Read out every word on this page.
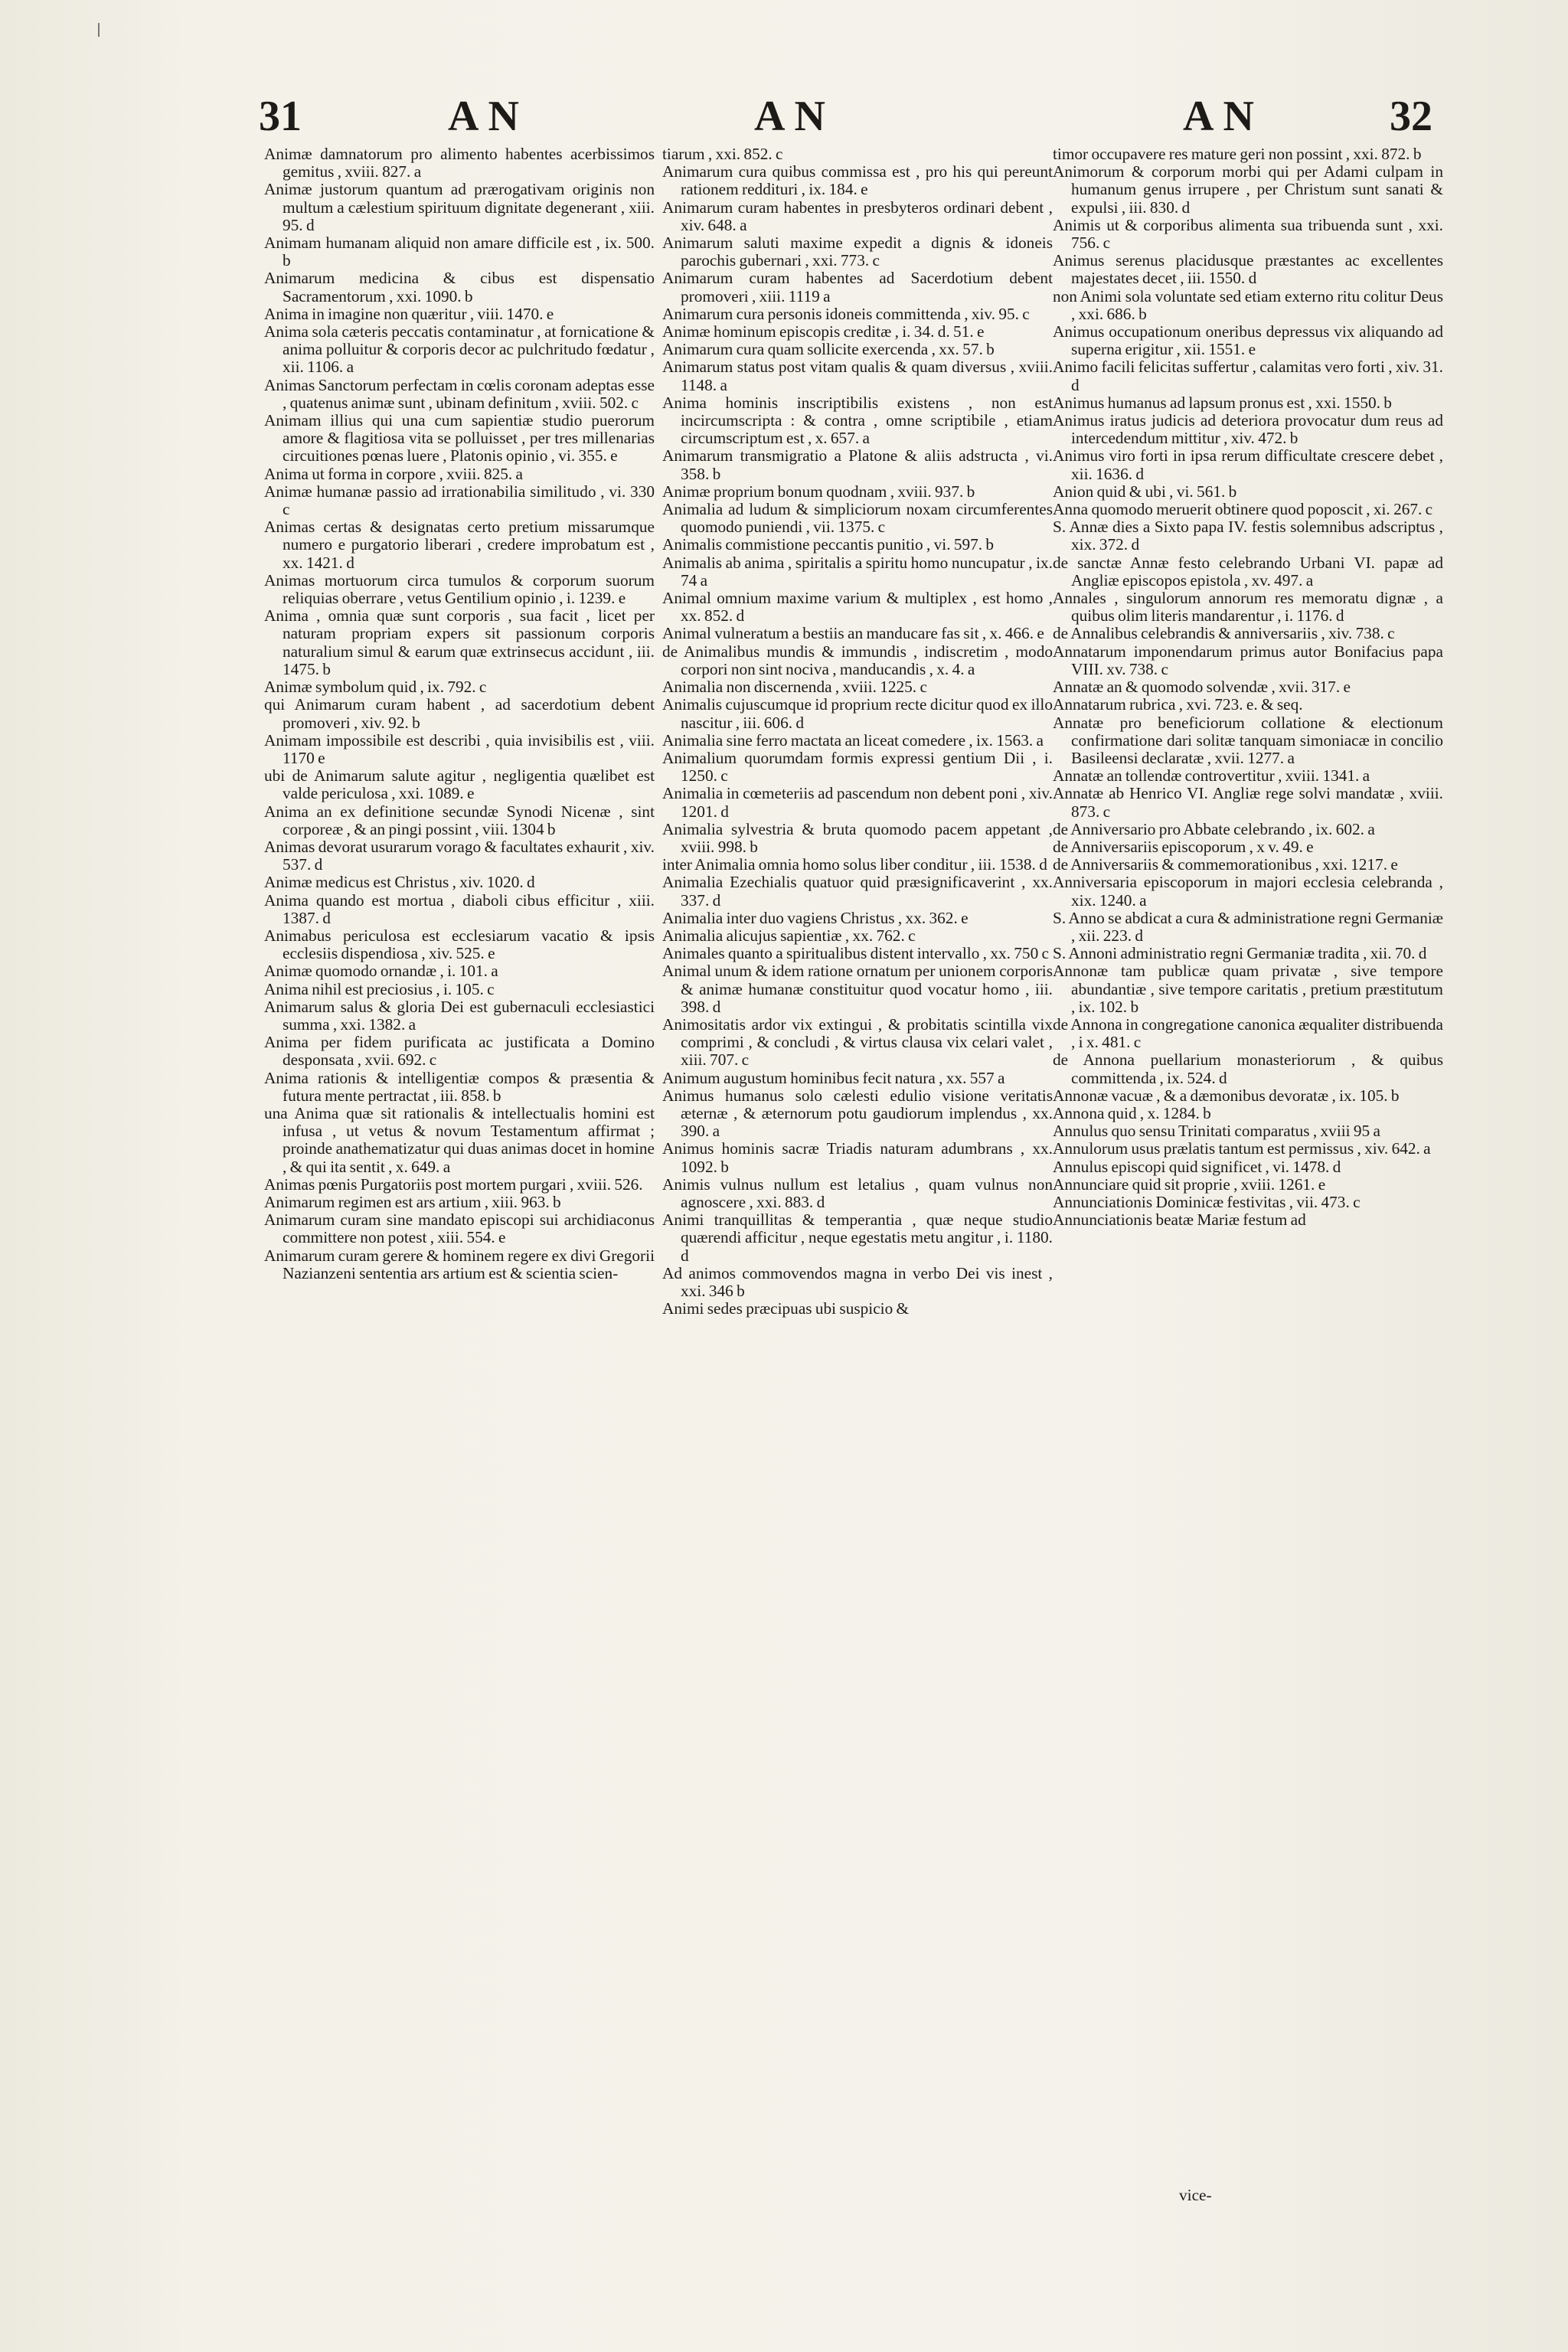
31	AN	AN	AN	32

Animæ damnatorum pro alimento habentes acerbissimos gemitus , xviii. 827. a

Animæ justorum quantum ad prærogativam originis non multum a cælestium spirituum dignitate degenerant , xiii. 95. d

Animam humanam aliquid non amare difficile est , ix. 500. b

Animarum medicina & cibus est dispensatio Sacramentorum , xxi. 1090. b

Anima in imagine non quæritur , viii. 1470. e

Anima sola cæteris peccatis contaminatur , at fornicatione & anima polluitur & corporis decor ac pulchritudo fœdatur , xii. 1106. a

Animas Sanctorum perfectam in cœlis coronam adeptas esse , quatenus animæ sunt , ubinam definitum , xviii. 502. c

Animam illius qui una cum sapientiæ studio puerorum amore & flagitiosa vita se polluisset , per tres millenarias circuitiones pœnas luere , Platonis opinio , vi. 355. e

Anima ut forma in corpore , xviii. 825. a

Animæ humanæ passio ad irrationabilia similitudo , vi. 330 c

Animas certas & designatas certo pretium missarumque numero e purgatorio liberari , credere improbatum est , xx. 1421. d

Animas mortuorum circa tumulos & corporum suorum reliquias oberrare , vetus Gentilium opinio , i. 1239. e

Anima , omnia quæ sunt corporis , sua facit , licet per naturam propriam expers sit passionum corporis naturalium simul & earum quæ extrinsecus accidunt , iii. 1475. b

Animæ symbolum quid , ix. 792. c

qui Animarum curam habent , ad sacerdotium debent promoveri , xiv. 92. b

Animam impossibile est describi , quia invisibilis est , viii. 1170 e

ubi de Animarum salute agitur , negligentia quælibet est valde periculosa , xxi. 1089. e

Anima an ex definitione secundæ Synodi Nicenæ , sint corporeæ , & an pingi possint , viii. 1304 b

Animas devorat usurarum vorago & facultates exhaurit , xiv. 537. d

Animæ medicus est Christus , xiv. 1020. d

Anima quando est mortua , diaboli cibus efficitur , xiii. 1387. d

Animabus periculosa est ecclesiarum vacatio & ipsis ecclesiis dispendiosa , xiv. 525. e

Animæ quomodo ornandæ , i. 101. a

Anima nihil est preciosius , i. 105. c

Animarum salus & gloria Dei est gubernaculi ecclesiastici summa , xxi. 1382. a

Anima per fidem purificata ac justificata a Domino desponsata , xvii. 692. c

Anima rationis & intelligentiæ compos & præsentia & futura mente pertractat , iii. 858. b

una Anima quæ sit rationalis & intellectualis homini est infusa , ut vetus & novum Testamentum affirmat ; proinde anathematizatur qui duas animas docet in homine , & qui ita sentit , x. 649. a

Animas pœnis Purgatoriis post mortem purgari , xviii. 526.

Animarum regimen est ars artium , xiii. 963. b

Animarum curam sine mandato episcopi sui archidiaconus committere non potest , xiii. 554. e

Animarum curam gerere & hominem regere ex divi Gregorii Nazianzeni sententia ars artium est & scientia scien-

tiarum , xxi. 852. c

Animarum cura quibus commissa est , pro his qui pereunt rationem reddituri , ix. 184. e

Animarum curam habentes in presbyteros ordinari debent , xiv. 648. a

Animarum saluti maxime expedit a dignis & idoneis parochis gubernari , xxi. 773. c

Animarum curam habentes ad Sacerdotium debent promoveri , xiii. 1119 a

Animarum cura personis idoneis committenda , xiv. 95. c

Animæ hominum episcopis creditæ , i. 34. d. 51. e

Animarum cura quam sollicite exercenda , xx. 57. b

Animarum status post vitam qualis & quam diversus , xviii. 1148. a

Anima hominis inscriptibilis existens , non est incircumscripta : & contra , omne scriptibile , etiam circumscriptum est , x. 657. a

Animarum transmigratio a Platone & aliis adstructa , vi. 358. b

Animæ proprium bonum quodnam , xviii. 937. b

Animalia ad ludum & simpliciorum noxam circumferentes quomodo puniendi , vii. 1375. c

Animalis commistione peccantis punitio , vi. 597. b

Animalis ab anima , spiritalis a spiritu homo nuncupatur , ix. 74 a

Animal omnium maxime varium & multiplex , est homo , xx. 852. d

Animal vulneratum a bestiis an manducare fas sit , x. 466. e

de Animalibus mundis & immundis , indiscretim , modo corpori non sint nociva , manducandis , x. 4. a

Animalia non discernenda , xviii. 1225. c

Animalis cujuscumque id proprium recte dicitur quod ex illo nascitur , iii. 606. d

Animalia sine ferro mactata an liceat comedere , ix. 1563. a

Animalium quorumdam formis expressi gentium Dii , i. 1250. c

Animalia in cœmeteriis ad pascendum non debent poni , xiv. 1201. d

Animalia sylvestria & bruta quomodo pacem appetant , xviii. 998. b

inter Animalia omnia homo solus liber conditur , iii. 1538. d

Animalia Ezechialis quatuor quid præsignificaverint , xx. 337. d

Animalia inter duo vagiens Christus , xx. 362. e

Animalia alicujus sapientiæ , xx. 762. c

Animales quanto a spiritualibus distent intervallo , xx. 750 c

Animal unum & idem ratione ornatum per unionem corporis & animæ humanæ constituitur quod vocatur homo , iii. 398. d

Animositatis ardor vix extingui , & probitatis scintilla vix comprimi , & concludi , & virtus clausa vix celari valet , xiii. 707. c

Animum augustum hominibus fecit natura , xx. 557 a

Animus humanus solo cælesti edulio visione veritatis æternæ , & æternorum potu gaudiorum implendus , xx. 390. a

Animus hominis sacræ Triadis naturam adumbrans , xx. 1092. b

Animis vulnus nullum est letalius , quam vulnus non agnoscere , xxi. 883. d

Animi tranquillitas & temperantia , quæ neque studio quærendi afficitur , neque egestatis metu angitur , i. 1180. d

Ad animos commovendos magna in verbo Dei vis inest , xxi. 346 b

Animi sedes præcipuas ubi suspicio &

timor occupavere res mature geri non possint , xxi. 872. b

Animorum & corporum morbi qui per Adami culpam in humanum genus irrupere , per Christum sunt sanati & expulsi , iii. 830. d

Animis ut & corporibus alimenta sua tribuenda sunt , xxi. 756. c

Animus serenus placidusque præstantes ac excellentes majestates decet , iii. 1550. d

non Animi sola voluntate sed etiam externo ritu colitur Deus , xxi. 686. b

Animus occupationum oneribus depressus vix aliquando ad superna erigitur , xii. 1551. e

Animo facili felicitas suffertur , calamitas vero forti , xiv. 31. d

Animus humanus ad lapsum pronus est , xxi. 1550. b

Animus iratus judicis ad deteriora provocatur dum reus ad intercedendum mittitur , xiv. 472. b

Animus viro forti in ipsa rerum difficultate crescere debet , xii. 1636. d

Anion quid & ubi , vi. 561. b

Anna quomodo meruerit obtinere quod poposcit , xi. 267. c

S. Annæ dies a Sixto papa IV. festis solemnibus adscriptus , xix. 372. d

de sanctæ Annæ festo celebrando Urbani VI. papæ ad Angliæ episcopos epistola , xv. 497. a

Annales , singulorum annorum res memoratu dignæ , a quibus olim literis mandarentur , i. 1176. d

de Annalibus celebrandis & anniversariis , xiv. 738. c

Annatarum imponendarum primus autor Bonifacius papa VIII. xv. 738. c

Annatæ an & quomodo solvendæ , xvii. 317. e

Annatarum rubrica , xvi. 723. e. & seq.

Annatæ pro beneficiorum collatione & electionum confirmatione dari solitæ tanquam simoniacæ in concilio Basileensi declaratæ , xvii. 1277. a

Annatæ an tollendæ controvertitur , xviii. 1341. a

Annatæ ab Henrico VI. Angliæ rege solvi mandatæ , xviii. 873. c

de Anniversario pro Abbate celebrando , ix. 602. a

de Anniversariis episcoporum , x v. 49. e

de Anniversariis & commemorationibus , xxi. 1217. e

Anniversaria episcoporum in majori ecclesia celebranda , xix. 1240. a

S. Anno se abdicat a cura & administratione regni Germaniæ , xii. 223. d

S. Annoni administratio regni Germaniæ tradita , xii. 70. d

Annonæ tam publicæ quam privatæ , sive tempore abundantiæ , sive tempore caritatis , pretium præstitutum , ix. 102. b

de Annona in congregatione canonica æqualiter distribuenda , i x. 481. c

de Annona puellarium monasteriorum , & quibus committenda , ix. 524. d

Annonæ vacuæ , & a dæmonibus devoratæ , ix. 105. b

Annona quid , x. 1284. b

Annulus quo sensu Trinitati comparatus , xviii 95 a

Annulorum usus prælatis tantum est permissus , xiv. 642. a

Annulus episcopi quid significet , vi. 1478. d

Annunciare quid sit proprie , xviii. 1261. e

Annunciationis Dominicæ festivitas , vii. 473. c

Annunciationis beatæ Mariæ festum ad

vice-
